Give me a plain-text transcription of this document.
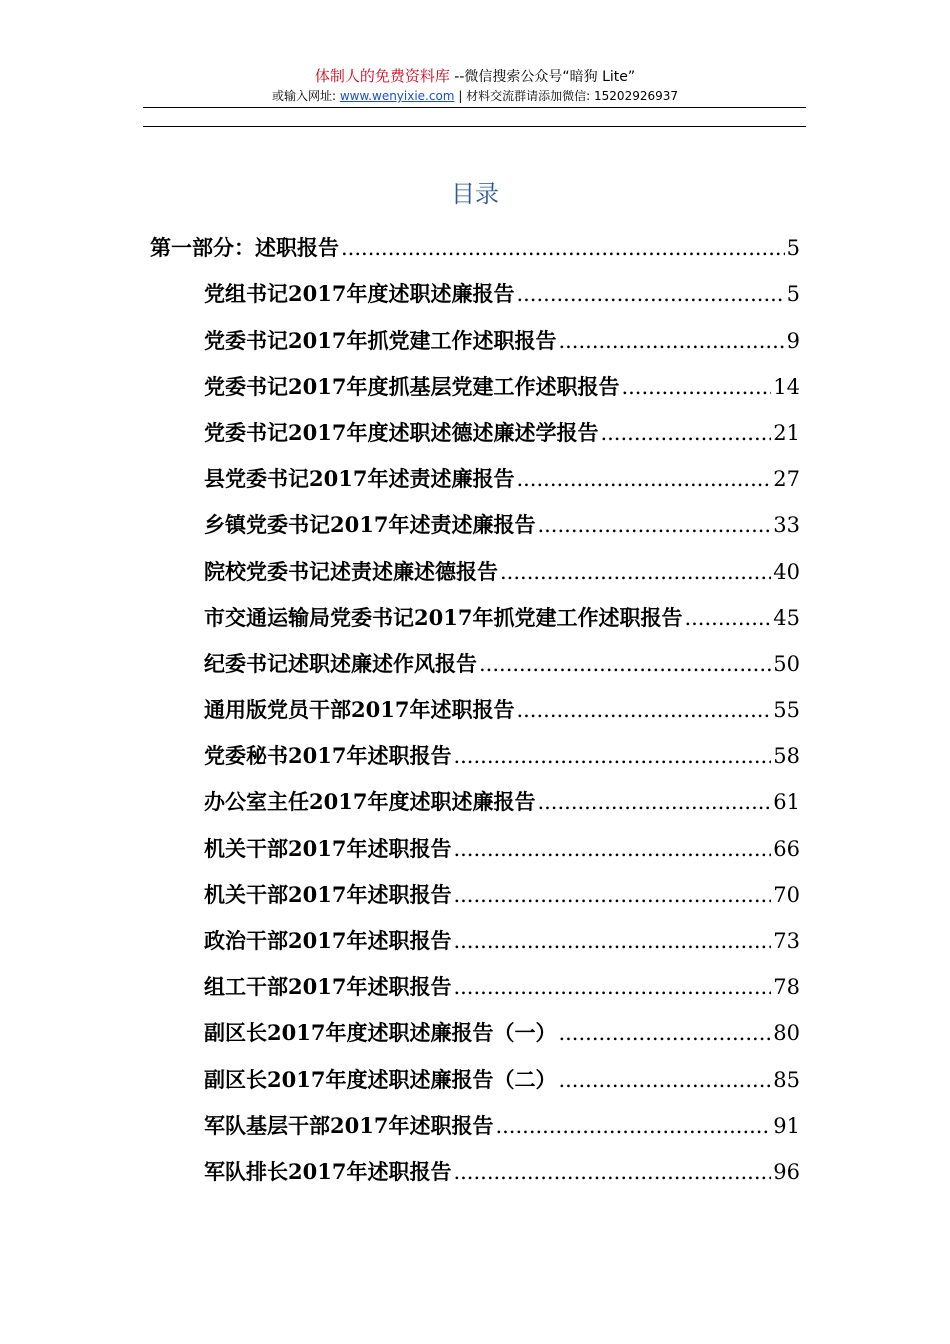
体制人的免费资料库 --微信搜索公众号“暗狗 Lite”
或输入网址: www.wenyixie.com | 材料交流群请添加微信: 15202926937
目录
第一部分：述职报告 .....	5
党组书记2017年度述职述廉报告 .....	5
党委书记2017年抓党建工作述职报告 .....	9
党委书记2017年度抓基层党建工作述职报告 .....	14
党委书记2017年度述职述德述廉述学报告 .....	21
县党委书记2017年述责述廉报告 .....	27
乡镇党委书记2017年述责述廉报告 .....	33
院校党委书记述责述廉述德报告 .....	40
市交通运输局党委书记2017年抓党建工作述职报告 .....	45
纪委书记述职述廉述作风报告 .....	50
通用版党员干部2017年述职报告 .....	55
党委秘书2017年述职报告 .....	58
办公室主任2017年度述职述廉报告 .....	61
机关干部2017年述职报告 .....	66
机关干部2017年述职报告 .....	70
政治干部2017年述职报告 .....	73
组工干部2017年述职报告 .....	78
副区长2017年度述职述廉报告（一） .....	80
副区长2017年度述职述廉报告（二） .....	85
军队基层干部2017年述职报告 .....	91
军队排长2017年述职报告 .....	96
